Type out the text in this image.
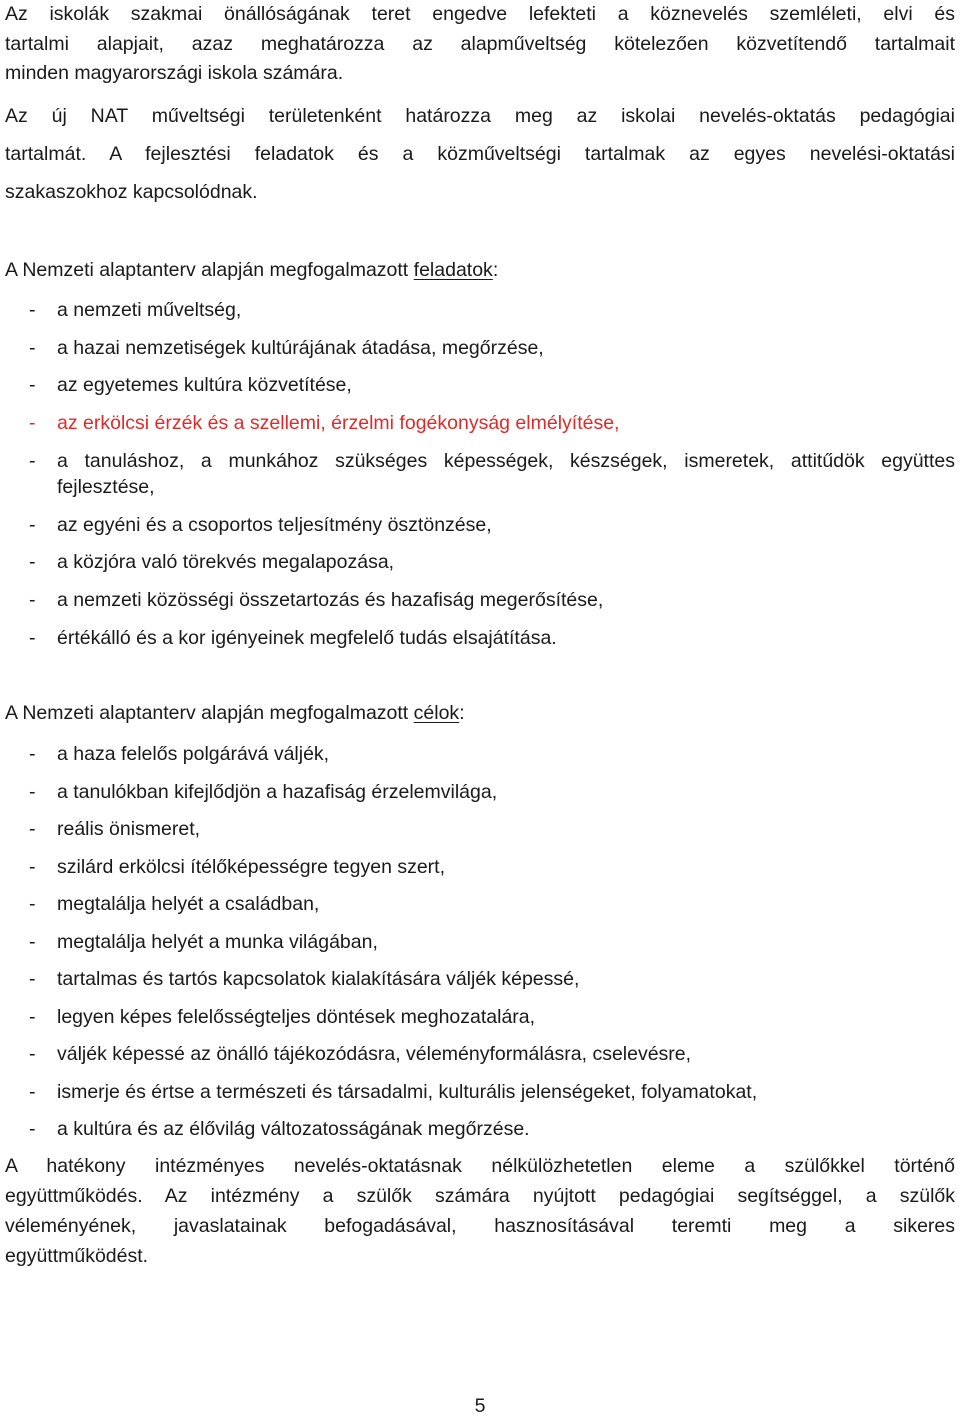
Az iskolák szakmai önállóságának teret engedve lefekteti a köznevelés szemléleti, elvi és

tartalmi alapjait, azaz meghatározza az alapműveltség kötelezően közvetítendő tartalmait

minden magyarországi iskola számára.

Az új NAT műveltségi területenként határozza meg az iskolai nevelés-oktatás pedagógiai

tartalmát. A fejlesztési feladatok és a közműveltségi tartalmak az egyes nevelési-oktatási

szakaszokhoz kapcsolódnak.

A Nemzeti alaptanterv alapján megfogalmazott feladatok:

- a nemzeti műveltség,
- a hazai nemzetiségek kultúrájának átadása, megőrzése,
- az egyetemes kultúra közvetítése,
- az erkölcsi érzék és a szellemi, érzelmi fogékonyság elmélyítése,
- a tanuláshoz, a munkához szükséges képességek, készségek, ismeretek, attitűdök együttes fejlesztése,
- az egyéni és a csoportos teljesítmény ösztönzése,
- a közjóra való törekvés megalapozása,
- a nemzeti közösségi összetartozás és hazafiság megerősítése,
- értékálló és a kor igényeinek megfelelő tudás elsajátítása.

A Nemzeti alaptanterv alapján megfogalmazott célok:

- a haza felelős polgárává váljék,
- a tanulókban kifejlődjön a hazafiság érzelemvilága,
- reális önismeret,
- szilárd erkölcsi ítélőképességre tegyen szert,
- megtalálja helyét a családban,
- megtalálja helyét a munka világában,
- tartalmas és tartós kapcsolatok kialakítására váljék képessé,
- legyen képes felelősségteljes döntések meghozatalára,
- váljék képessé az önálló tájékozódásra, véleményformálásra, cselevésre,
- ismerje és értse a természeti és társadalmi, kulturális jelenségeket, folyamatokat,
- a kultúra és az élővilág változatosságának megőrzése.

A hatékony intézményes nevelés-oktatásnak nélkülözhetetlen eleme a szülőkkel történő

együttműködés. Az intézmény a szülők számára nyújtott pedagógiai segítséggel, a szülők

véleményének, javaslatainak befogadásával, hasznosításával teremti meg a sikeres

együttműködést.

5
